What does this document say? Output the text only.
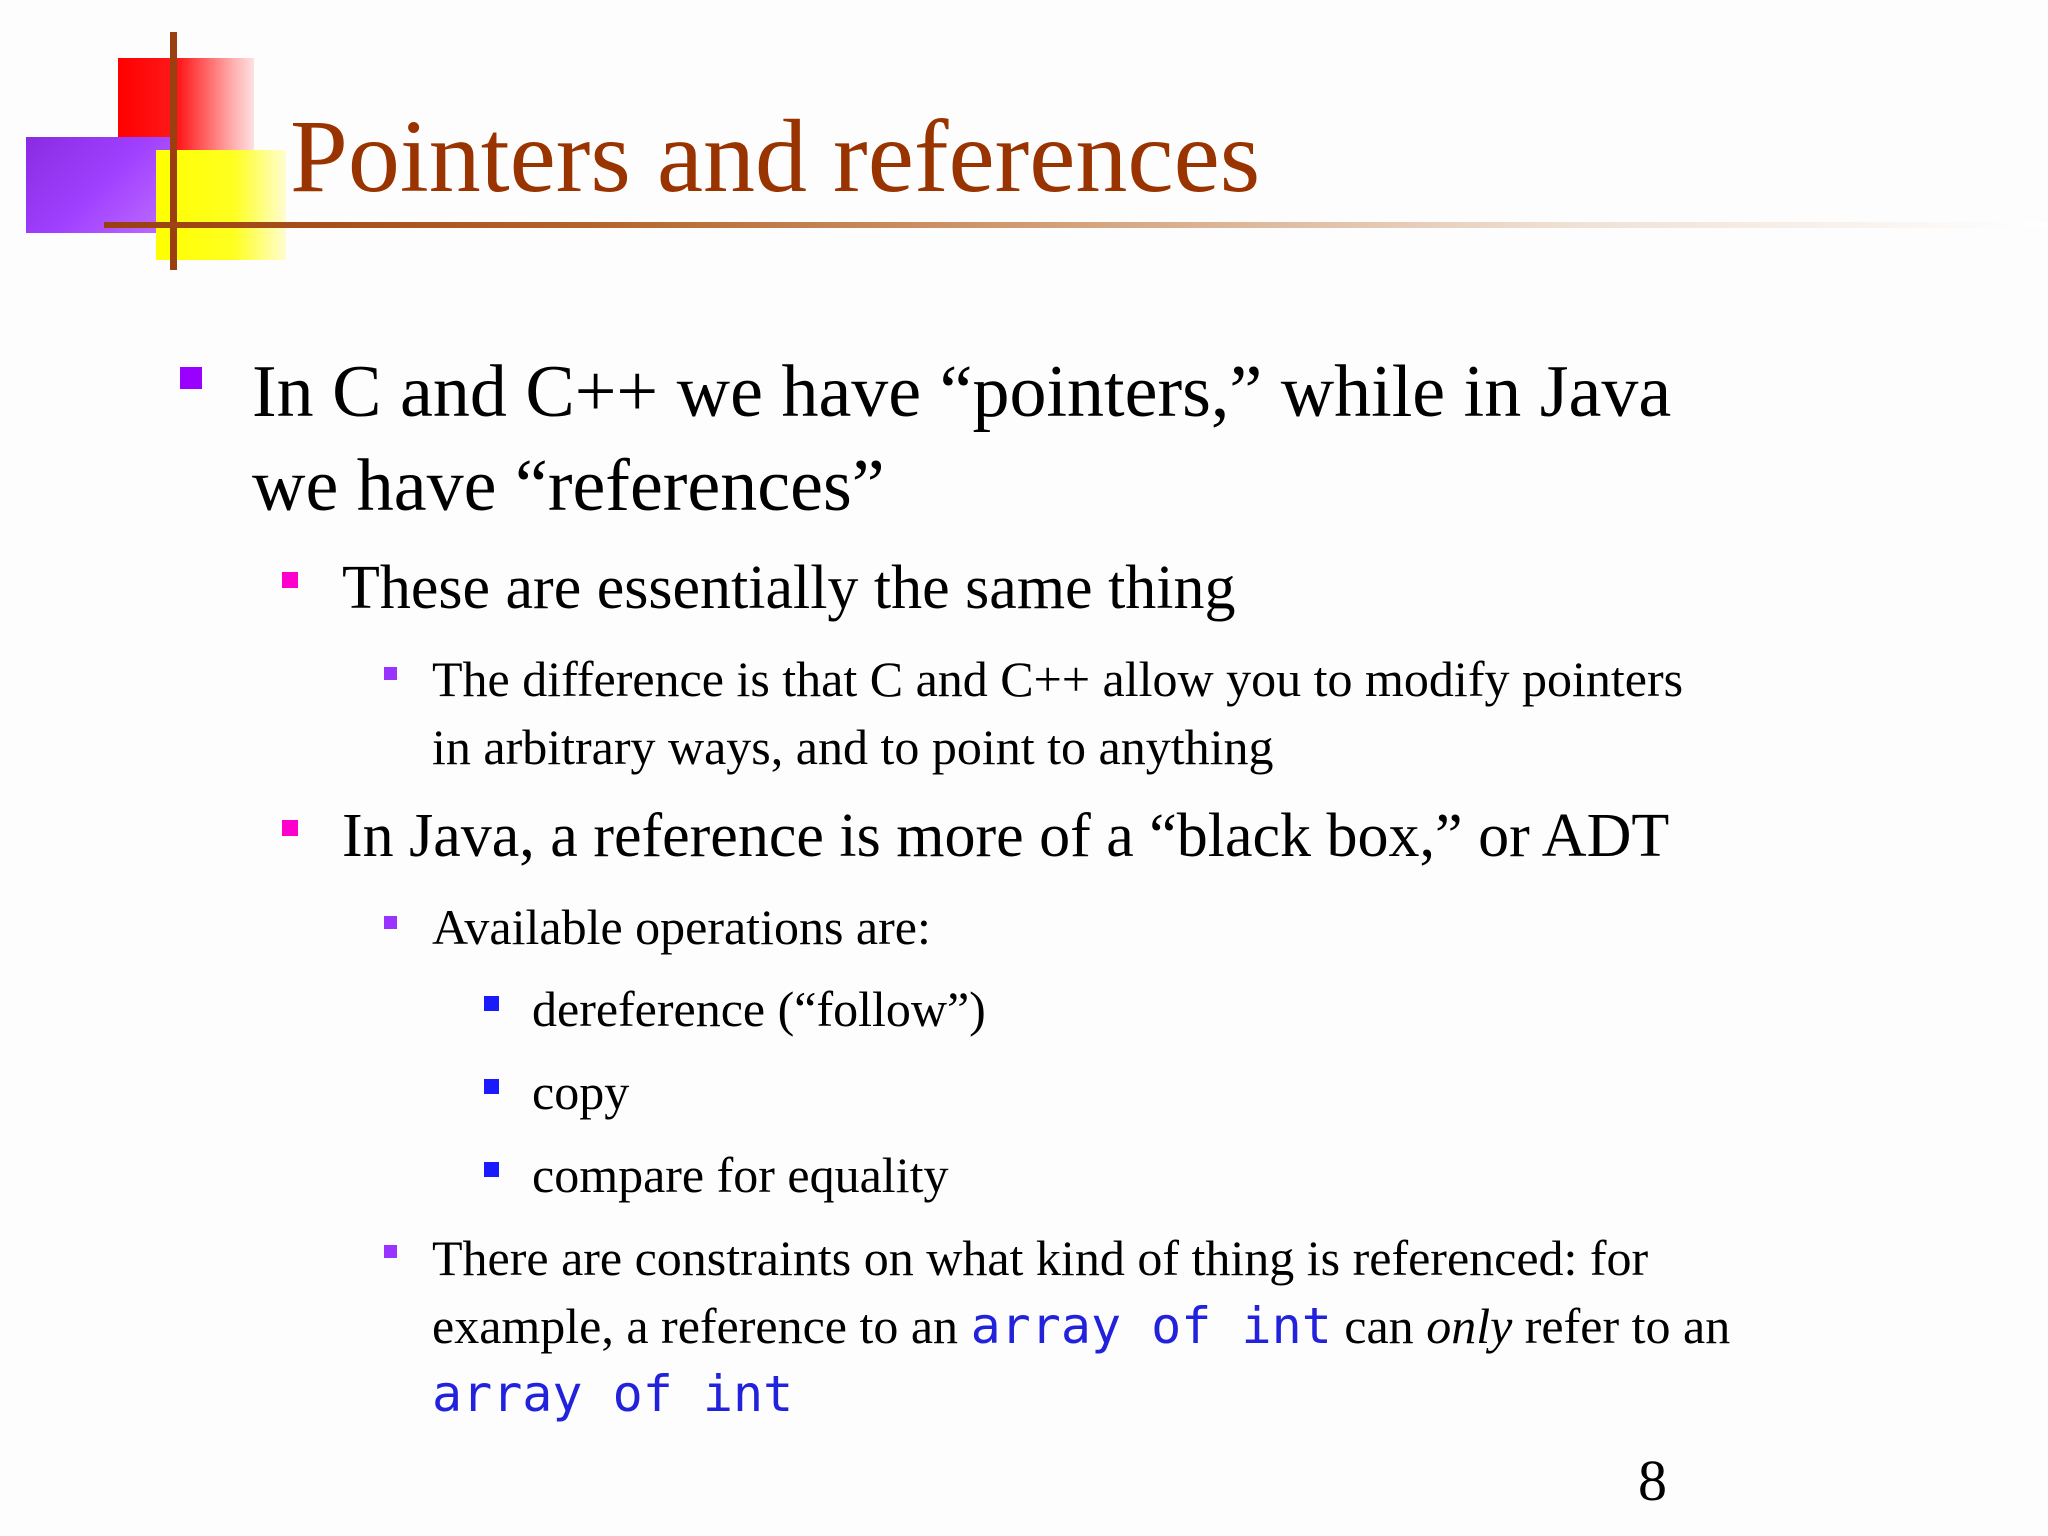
Pointers and references

In C and C++ we have “pointers,” while in Java

we have “references”

These are essentially the same thing

The difference is that C and C++ allow you to modify pointers

in arbitrary ways, and to point to anything

In Java, a reference is more of a “black box,” or ADT

Available operations are:

dereference (“follow”)

copy

compare for equality

There are constraints on what kind of thing is referenced: for

example, a reference to an array of int can only refer to an

array of int

8
